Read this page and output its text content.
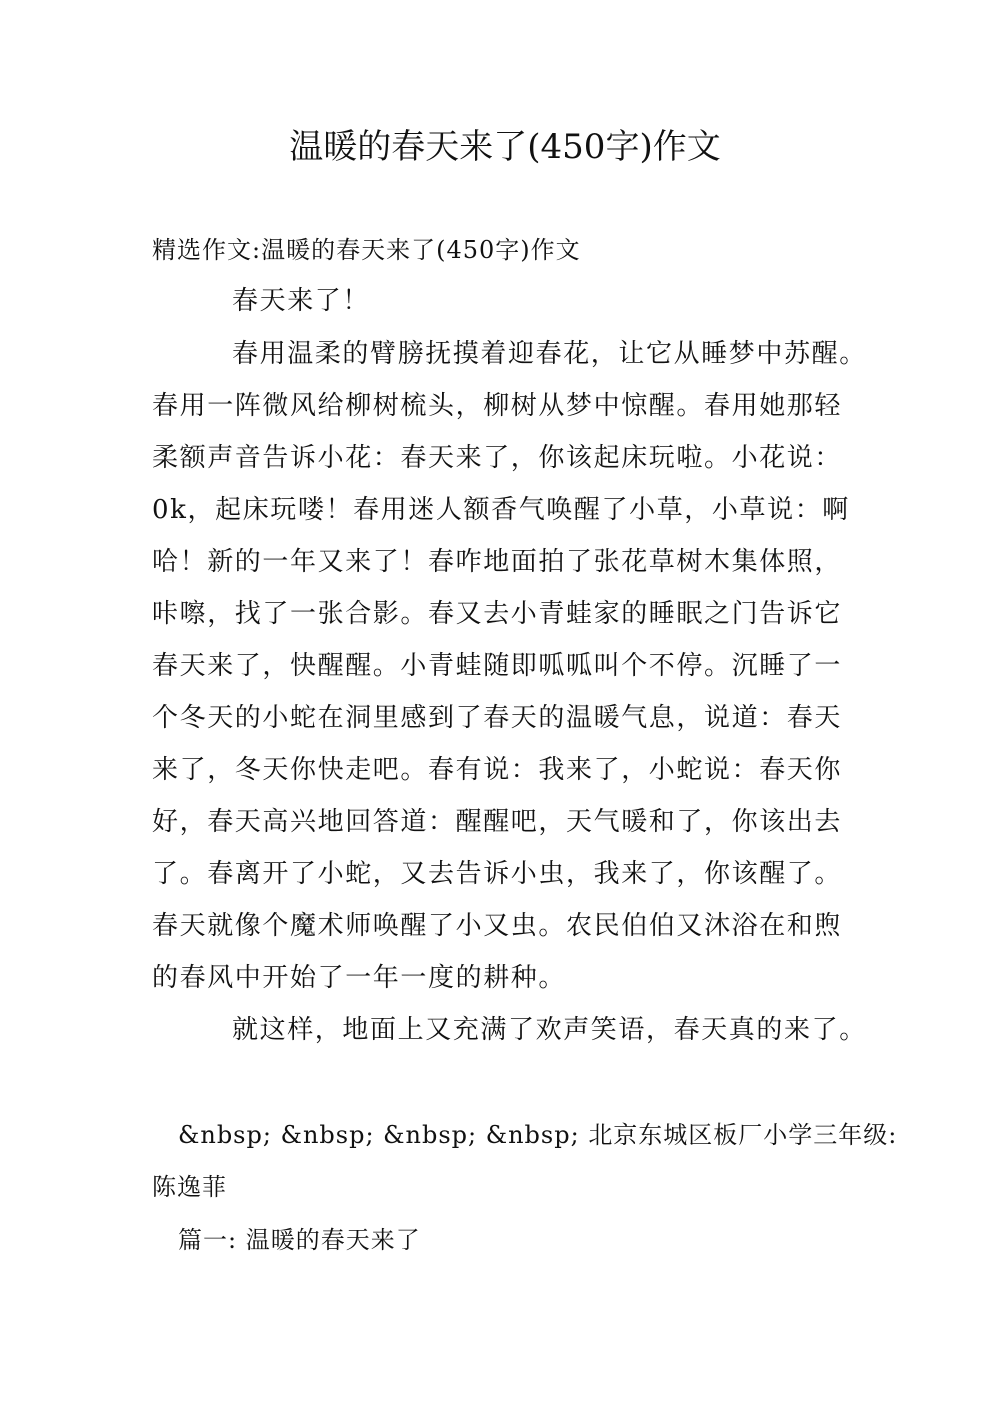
温暖的春天来了(450字)作文
精选作文:温暖的春天来了(450字)作文
春天来了！
春用温柔的臂膀抚摸着迎春花，让它从睡梦中苏醒。
春用一阵微风给柳树梳头，柳树从梦中惊醒。春用她那轻
柔额声音告诉小花：春天来了，你该起床玩啦。小花说：
0k，起床玩喽！春用迷人额香气唤醒了小草，小草说：啊
哈！新的一年又来了！春咋地面拍了张花草树木集体照，
咔嚓，找了一张合影。春又去小青蛙家的睡眠之门告诉它
春天来了，快醒醒。小青蛙随即呱呱叫个不停。沉睡了一
个冬天的小蛇在洞里感到了春天的温暖气息，说道：春天
来了，冬天你快走吧。春有说：我来了，小蛇说：春天你
好，春天高兴地回答道：醒醒吧，天气暖和了，你该出去
了。春离开了小蛇，又去告诉小虫，我来了，你该醒了。
春天就像个魔术师唤醒了小又虫。农民伯伯又沐浴在和煦
的春风中开始了一年一度的耕种。
就这样，地面上又充满了欢声笑语，春天真的来了。
&nbsp; &nbsp; &nbsp; &nbsp; 北京东城区板厂小学三年级:
陈逸菲
篇一: 温暖的春天来了
